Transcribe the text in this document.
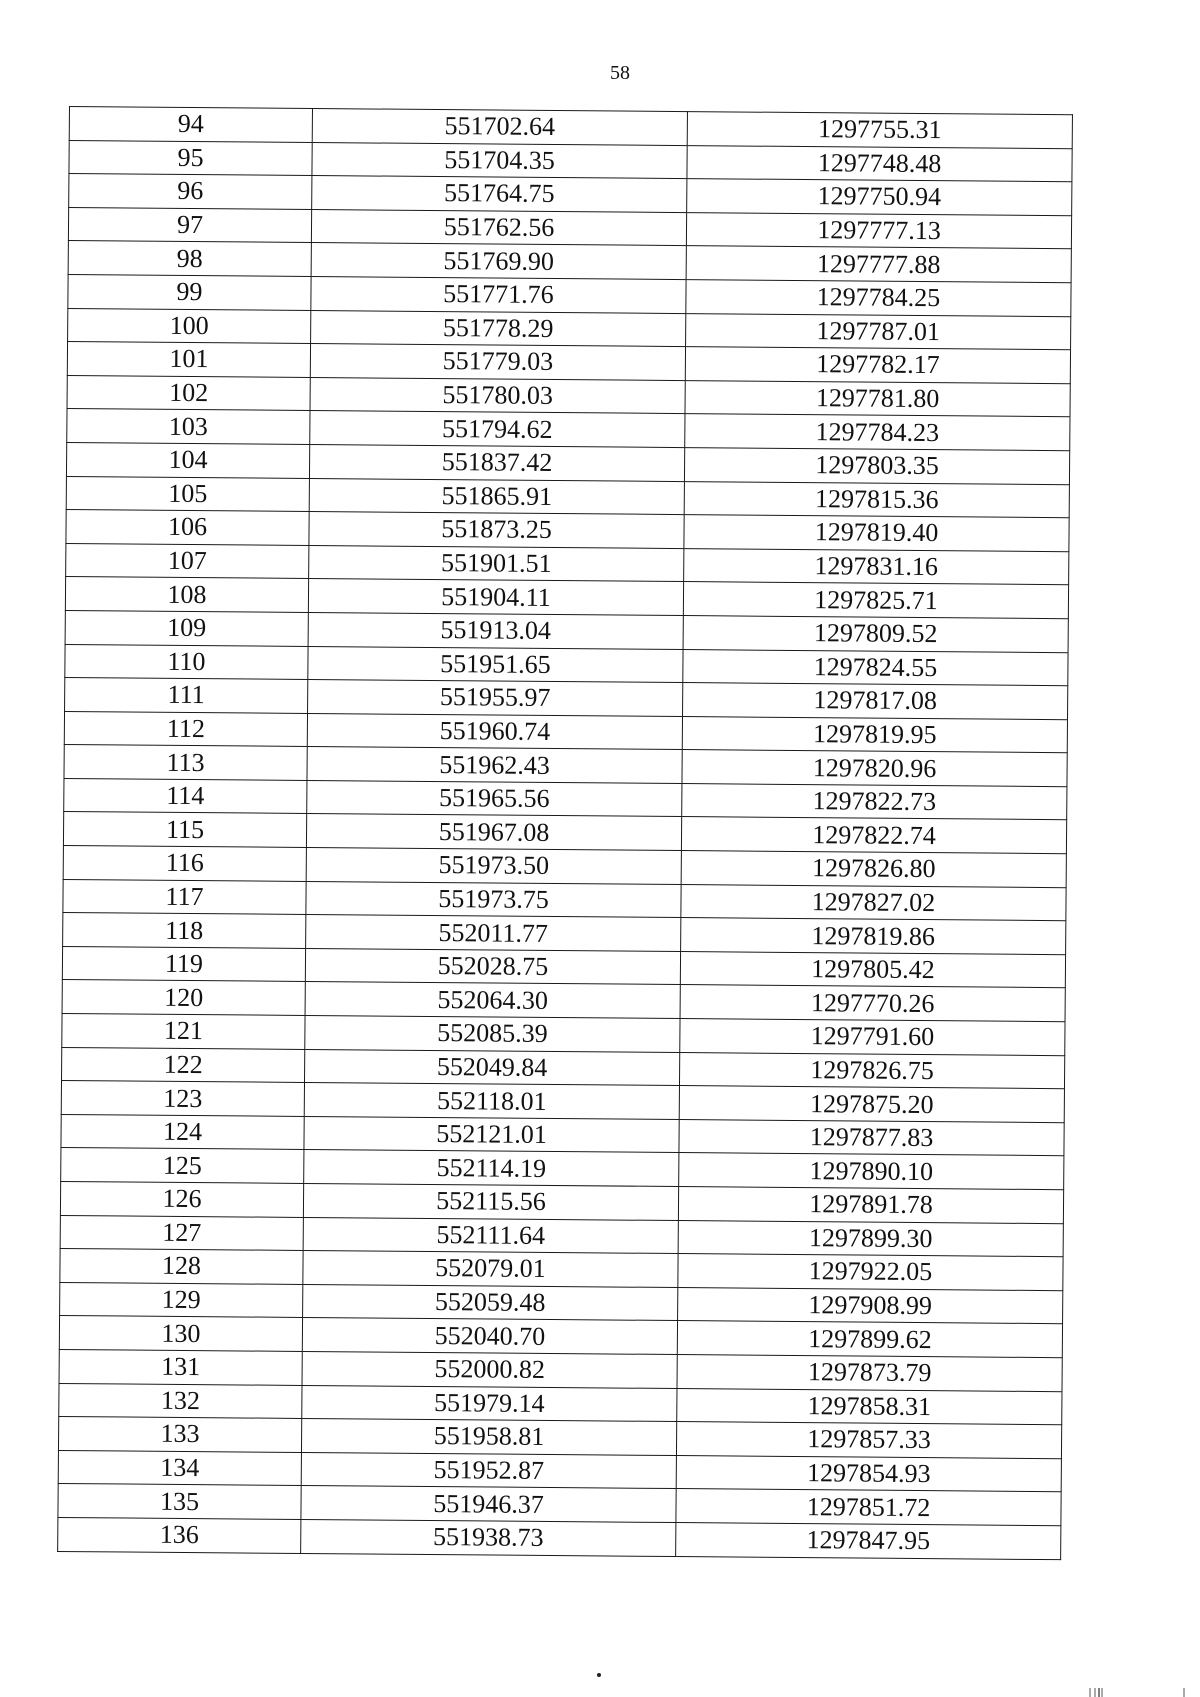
58
94	551702.64	1297755.31
95	551704.35	1297748.48
96	551764.75	1297750.94
97	551762.56	1297777.13
98	551769.90	1297777.88
99	551771.76	1297784.25
100	551778.29	1297787.01
101	551779.03	1297782.17
102	551780.03	1297781.80
103	551794.62	1297784.23
104	551837.42	1297803.35
105	551865.91	1297815.36
106	551873.25	1297819.40
107	551901.51	1297831.16
108	551904.11	1297825.71
109	551913.04	1297809.52
110	551951.65	1297824.55
111	551955.97	1297817.08
112	551960.74	1297819.95
113	551962.43	1297820.96
114	551965.56	1297822.73
115	551967.08	1297822.74
116	551973.50	1297826.80
117	551973.75	1297827.02
118	552011.77	1297819.86
119	552028.75	1297805.42
120	552064.30	1297770.26
121	552085.39	1297791.60
122	552049.84	1297826.75
123	552118.01	1297875.20
124	552121.01	1297877.83
125	552114.19	1297890.10
126	552115.56	1297891.78
127	552111.64	1297899.30
128	552079.01	1297922.05
129	552059.48	1297908.99
130	552040.70	1297899.62
131	552000.82	1297873.79
132	551979.14	1297858.31
133	551958.81	1297857.33
134	551952.87	1297854.93
135	551946.37	1297851.72
136	551938.73	1297847.95
